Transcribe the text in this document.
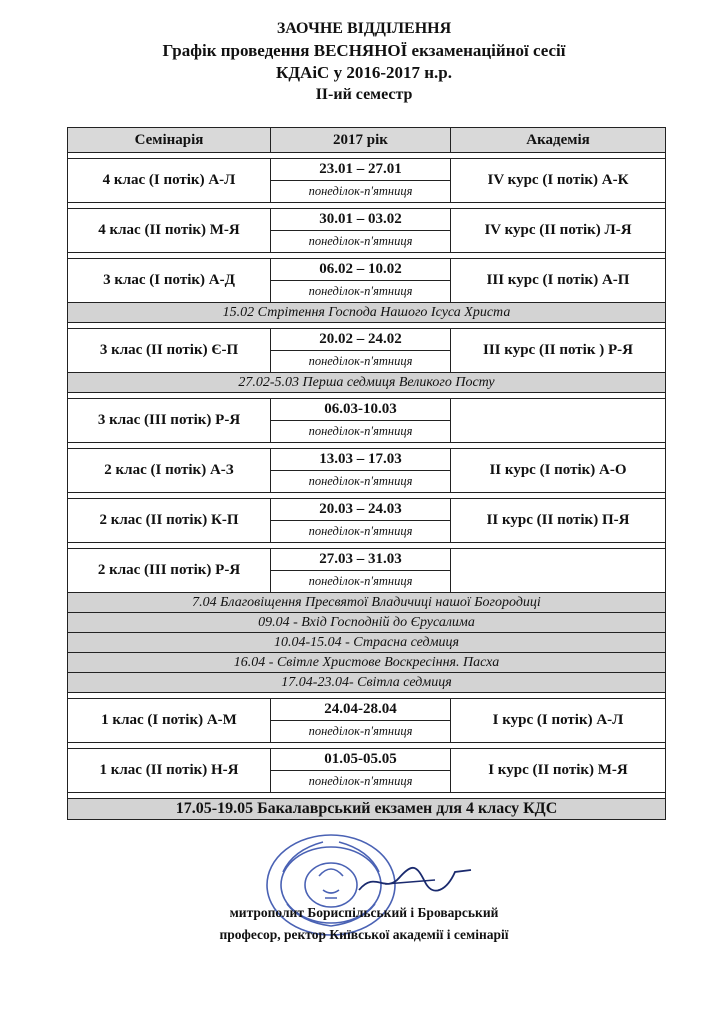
ЗАОЧНЕ ВІДДІЛЕННЯ
Графік проведення ВЕСНЯНОЇ екзаменаційної сесії
КДАіС у 2016-2017 н.р.
ІІ-ий семестр
Семінарія	2017 рік	Академія

4 клас (І потік) А-Л	23.01 – 27.01	IV курс (І потік) А-К
	понеділок-п'ятниця	

4 клас (ІІ потік) М-Я	30.01 – 03.02	IV курс (ІІ потік) Л-Я
	понеділок-п'ятниця	

3 клас (І потік) А-Д	06.02 – 10.02	ІІІ курс (І потік) А-П
	понеділок-п'ятниця	
15.02 Стрітення Господа Нашого Ісуса Христа		

3 клас (ІІ потік) Є-П	20.02 – 24.02	ІІІ курс (ІІ потік ) Р-Я
	понеділок-п'ятниця	
27.02-5.03 Перша седмиця Великого Посту		

3 клас (ІІІ потік) Р-Я	06.03-10.03	
	понеділок-п'ятниця	

2 клас (І потік) А-З	13.03 – 17.03	ІІ курс (І потік) А-О
	понеділок-п'ятниця	

2 клас (ІІ потік) К-П	20.03 – 24.03	ІІ курс (ІІ потік) П-Я
	понеділок-п'ятниця	

2 клас (ІІІ потік) Р-Я	27.03 – 31.03	
	понеділок-п'ятниця	
7.04 Благовіщення Пресвятої Владичиці нашої Богородиці		
09.04 - Вхід Господній до Єрусалима		
10.04-15.04 - Страсна седмиця		
16.04 - Світле Христове Воскресіння. Пасха		
17.04-23.04- Світла седмиця		

1 клас (І потік) А-М	24.04-28.04	І курс (І потік) А-Л
	понеділок-п'ятниця	

1 клас (ІІ потік) Н-Я	01.05-05.05	І курс (ІІ потік) М-Я
	понеділок-п'ятниця	

17.05-19.05 Бакалаврський екзамен для 4 класу КДС		
митрополит Бориспільський і Броварський
професор, ректор Київської академії і семінарії
